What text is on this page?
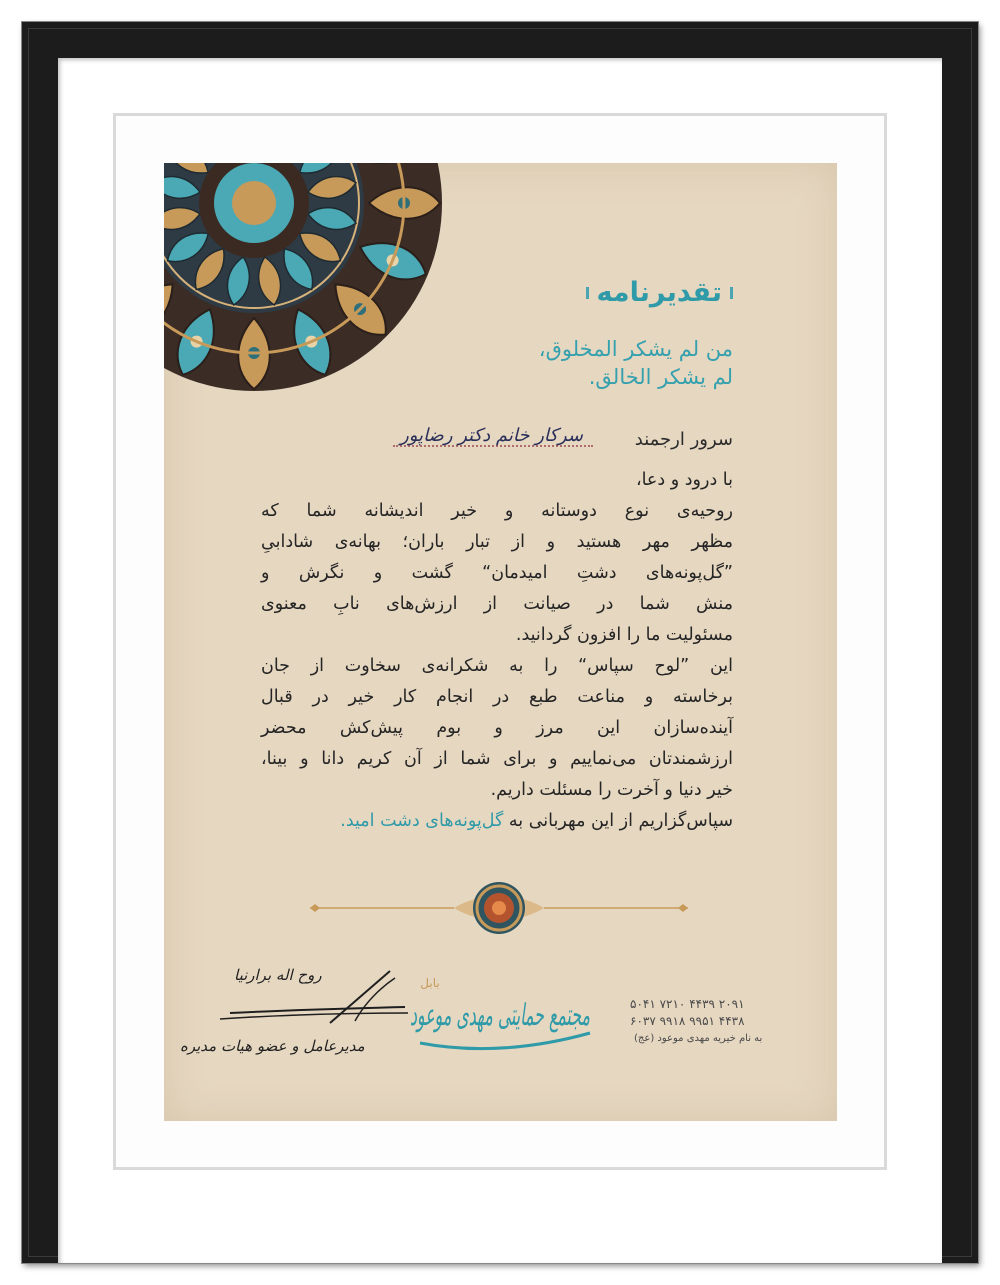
تقدیرنامه
من لم يشكر المخلوق،
لم يشكر الخالق.
سرور ارجمند
سرکار خانم دکتر رضاپور
با درود و دعا،
روحیه‌ی نوع دوستانه و خیر اندیشانه شما که
مظهر مهر هستید و از تبار باران؛ بهانه‌ی شادابیِ
”گل‌پونه‌های دشتِ امیدمان“ گشت و نگرش و
منش شما در صیانت از ارزش‌های نابِ معنوی
مسئولیت ما را افزون گردانید.
این ”لوح سپاس“ را به شکرانه‌ی سخاوت از جان
برخاسته و مناعت طبع در انجام کار خیر در قبال
آینده‌سازان این مرز و بوم پیش‌کش محضر
ارزشمندتان می‌نماییم و برای شما از آن کریم دانا و بینا،
خیر دنیا و آخرت را مسئلت داریم.
سپاس‌گزاریم از این مهربانی به گل‌پونه‌های دشت امید.
روح اله برارنیا
مدیرعامل و عضو هیات مدیره
مجتمع حمایتی مهدی موعود
بابل
۵۰۴۱ ۷۲۱۰ ۴۴۳۹ ۲۰۹۱
۶۰۳۷ ۹۹۱۸ ۹۹۵۱ ۴۴۳۸
به نام خیریه مهدی موعود (عج)
